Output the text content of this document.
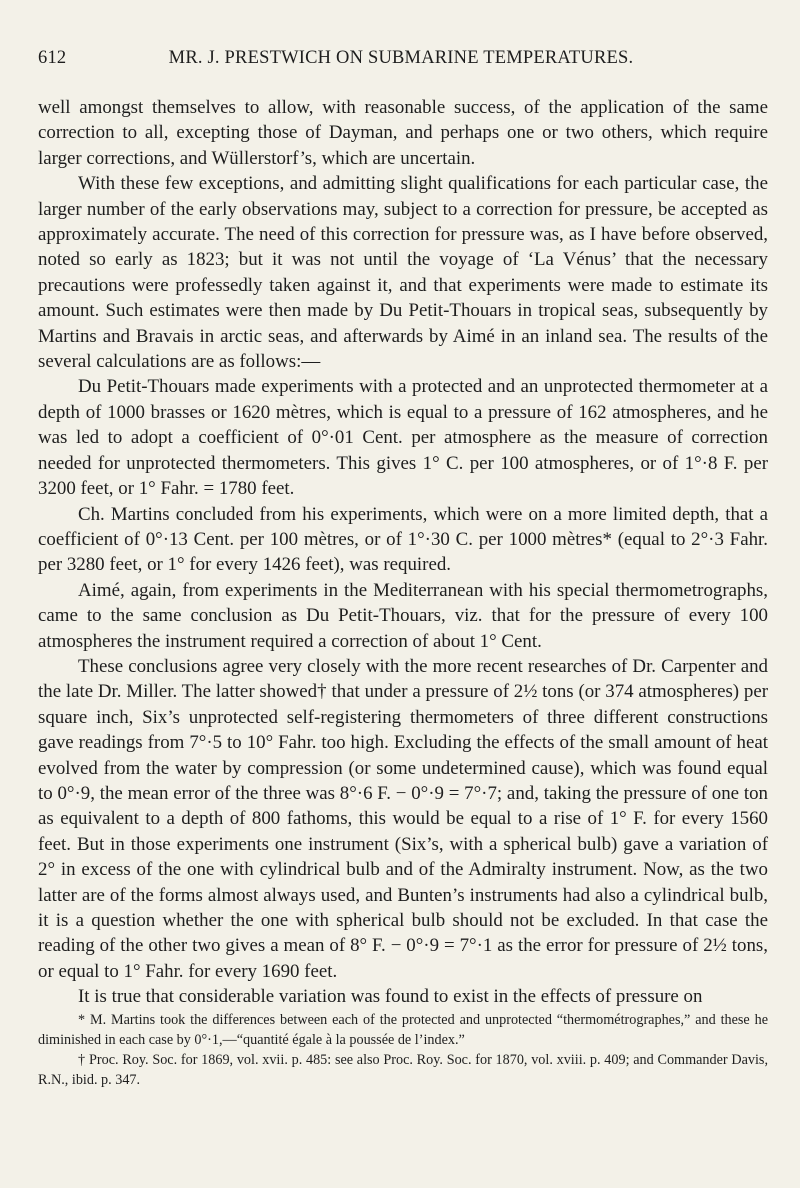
612	MR. J. PRESTWICH ON SUBMARINE TEMPERATURES.

well amongst themselves to allow, with reasonable success, of the application of the same correction to all, excepting those of Dayman, and perhaps one or two others, which require larger corrections, and Wüllerstorf’s, which are uncertain.

With these few exceptions, and admitting slight qualifications for each particular case, the larger number of the early observations may, subject to a correction for pressure, be accepted as approximately accurate. The need of this correction for pressure was, as I have before observed, noted so early as 1823; but it was not until the voyage of ‘La Vénus’ that the necessary precautions were professedly taken against it, and that experiments were made to estimate its amount. Such estimates were then made by Du Petit-Thouars in tropical seas, subsequently by Martins and Bravais in arctic seas, and afterwards by Aimé in an inland sea. The results of the several calculations are as follows:—

Du Petit-Thouars made experiments with a protected and an unprotected thermometer at a depth of 1000 brasses or 1620 mètres, which is equal to a pressure of 162 atmospheres, and he was led to adopt a coefficient of 0°·01 Cent. per atmosphere as the measure of correction needed for unprotected thermometers. This gives 1° C. per 100 atmospheres, or of 1°·8 F. per 3200 feet, or 1° Fahr. = 1780 feet.

Ch. Martins concluded from his experiments, which were on a more limited depth, that a coefficient of 0°·13 Cent. per 100 mètres, or of 1°·30 C. per 1000 mètres* (equal to 2°·3 Fahr. per 3280 feet, or 1° for every 1426 feet), was required.

Aimé, again, from experiments in the Mediterranean with his special thermometrographs, came to the same conclusion as Du Petit-Thouars, viz. that for the pressure of every 100 atmospheres the instrument required a correction of about 1° Cent.

These conclusions agree very closely with the more recent researches of Dr. Carpenter and the late Dr. Miller. The latter showed† that under a pressure of 2½ tons (or 374 atmospheres) per square inch, Six’s unprotected self-registering thermometers of three different constructions gave readings from 7°·5 to 10° Fahr. too high. Excluding the effects of the small amount of heat evolved from the water by compression (or some undetermined cause), which was found equal to 0°·9, the mean error of the three was 8°·6 F. − 0°·9 = 7°·7; and, taking the pressure of one ton as equivalent to a depth of 800 fathoms, this would be equal to a rise of 1° F. for every 1560 feet. But in those experiments one instrument (Six’s, with a spherical bulb) gave a variation of 2° in excess of the one with cylindrical bulb and of the Admiralty instrument. Now, as the two latter are of the forms almost always used, and Bunten’s instruments had also a cylindrical bulb, it is a question whether the one with spherical bulb should not be excluded. In that case the reading of the other two gives a mean of 8° F. − 0°·9 = 7°·1 as the error for pressure of 2½ tons, or equal to 1° Fahr. for every 1690 feet.

It is true that considerable variation was found to exist in the effects of pressure on

* M. Martins took the differences between each of the protected and unprotected “thermométrographes,” and these he diminished in each case by 0°·1,—“quantité égale à la poussée de l’index.”

† Proc. Roy. Soc. for 1869, vol. xvii. p. 485: see also Proc. Roy. Soc. for 1870, vol. xviii. p. 409; and Commander Davis, R.N., ibid. p. 347.
